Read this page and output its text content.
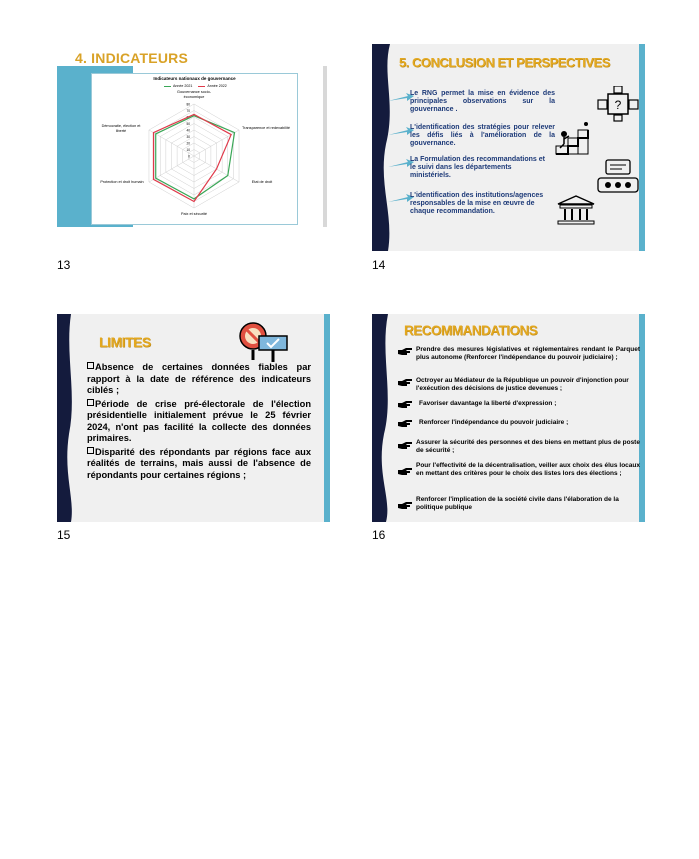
4. INDICATEURS
Indicateurs nationaux de gouvernance
Année 2021	Année 2022
80
70
60
50
40
30
20
10
0
Gouvernance socio-économique
Transparence et redevabilité
Etat de droit
Paix et sécurité
Protection et droit humain
Démocratie, élection et liberté
13
5. CONCLUSION ET PERSPECTIVES
Le RNG permet la mise en évidence des principales observations sur la gouvernance .
L'identification des stratégies pour relever les défis liés à l'amélioration de la gouvernance.
La Formulation des recommandations et le suivi dans les départements ministériels.
L'identification des institutions/agences responsables de la mise en œuvre de chaque recommandation.
?
14
LIMITES

Absence de certaines données fiables par rapport à la date de référence des indicateurs ciblés ;

Période de crise pré-électorale de l'élection présidentielle initialement prévue le 25 février 2024, n'ont pas facilité la collecte des données primaires.

Disparité des répondants par régions face aux réalités de terrains, mais aussi de l'absence de répondants pour certaines régions ;

15
RECOMMANDATIONS
Prendre des mesures législatives et réglementaires rendant le Parquet plus autonome (Renforcer l'indépendance du pouvoir judiciaire) ;
Octroyer au Médiateur de la République un pouvoir d'injonction pour l'exécution des décisions de justice devenues ;
Favoriser davantage la liberté d'expression ;
Renforcer l'indépendance du pouvoir judiciaire ;
Assurer la sécurité des personnes et des biens en mettant plus de poste de sécurité ;
Pour l'effectivité de la décentralisation, veiller aux choix des élus locaux en mettant des critères pour le choix des listes lors des élections ;
Renforcer l'implication de la société civile dans l'élaboration de la politique publique
16
